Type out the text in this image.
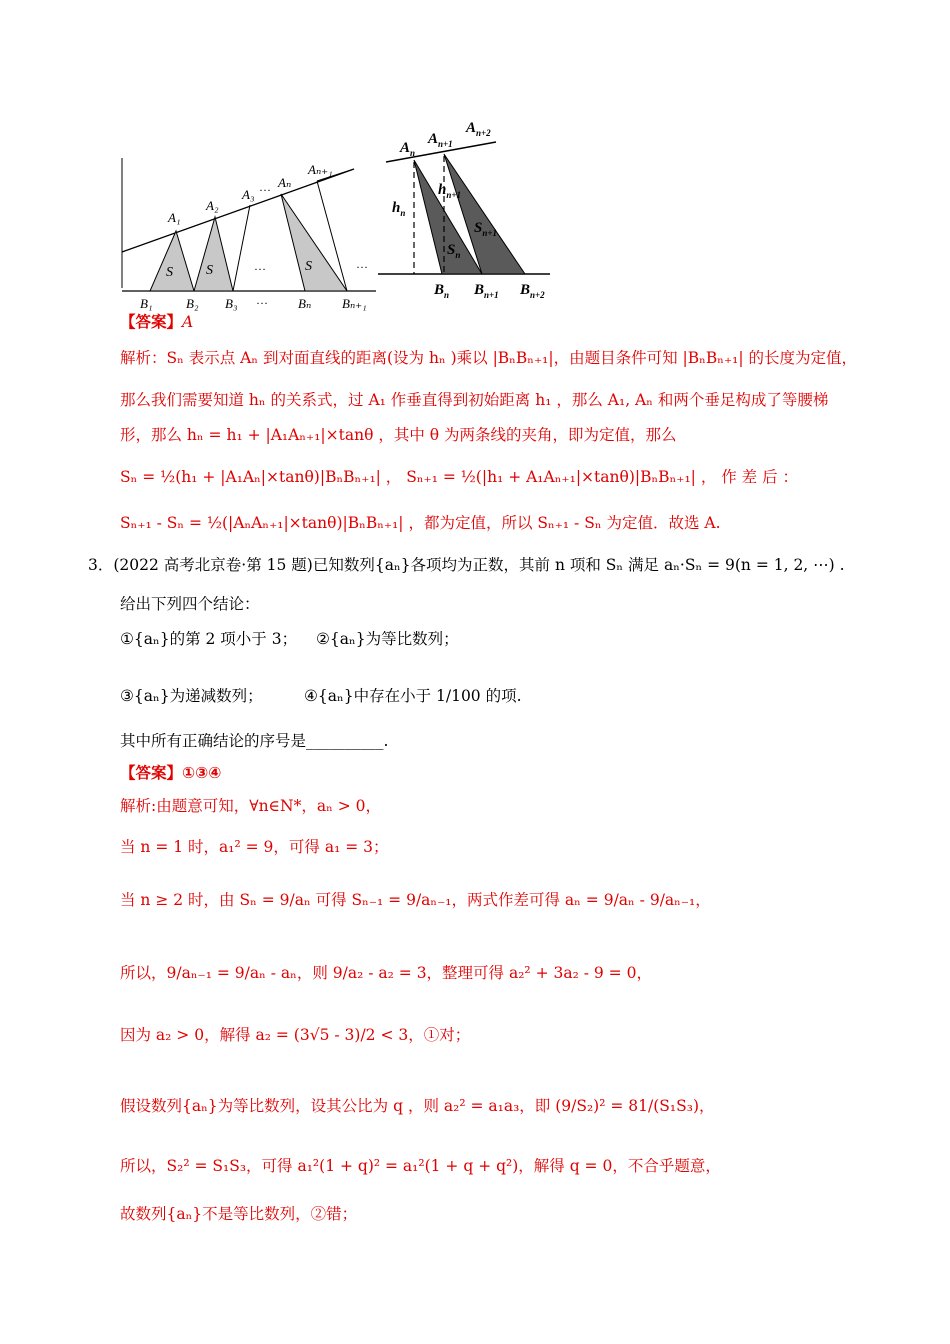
A₁
A₂
A₃ … Aₙ
Aₙ₊₁
S S	S
…	…
B₁	B₂ B₃ … Bₙ Bₙ₊₁
$A_n$
$A_{n+1}$
$A_{n+2}$
$h_n$
$h_{n+1}$
$S_n$
$S_{n+1}$
$B_n$ $B_{n+1}$ $B_{n+2}$
【答案】A
解析：Sₙ 表示点 Aₙ 到对面直线的距离(设为 hₙ )乘以 |BₙBₙ₊₁|，由题目条件可知 |BₙBₙ₊₁| 的长度为定值，
那么我们需要知道 hₙ 的关系式，过 A₁ 作垂直得到初始距离 h₁ ，那么 A₁, Aₙ 和两个垂足构成了等腰梯
形，那么 hₙ = h₁ + |A₁Aₙ₊₁|×tanθ ，其中 θ 为两条线的夹角，即为定值，那么
Sₙ = ½(h₁ + |A₁Aₙ|×tanθ)|BₙBₙ₊₁| ， Sₙ₊₁ = ½(|h₁ + A₁Aₙ₊₁|×tanθ)|BₙBₙ₊₁| ， 作 差 后 ：
Sₙ₊₁ - Sₙ = ½(|AₙAₙ₊₁|×tanθ)|BₙBₙ₊₁| ，都为定值，所以 Sₙ₊₁ - Sₙ 为定值．故选 A.
3．(2022 高考北京卷·第 15 题)已知数列{aₙ}各项均为正数，其前 n 项和 Sₙ 满足 aₙ·Sₙ = 9(n = 1, 2, ⋯) .
给出下列四个结论：
①{aₙ}的第 2 项小于 3； ②{aₙ}为等比数列；
③{aₙ}为递减数列；	④{aₙ}中存在小于 1/100 的项.
其中所有正确结论的序号是__________.
【答案】①③④
解析:由题意可知，∀n∈N*，aₙ > 0，
当 n = 1 时，a₁² = 9，可得 a₁ = 3；
当 n ≥ 2 时，由 Sₙ = 9/aₙ 可得 Sₙ₋₁ = 9/aₙ₋₁，两式作差可得 aₙ = 9/aₙ - 9/aₙ₋₁，
所以，9/aₙ₋₁ = 9/aₙ - aₙ，则 9/a₂ - a₂ = 3，整理可得 a₂² + 3a₂ - 9 = 0，
因为 a₂ > 0，解得 a₂ = (3√5 - 3)/2 < 3，①对；
假设数列{aₙ}为等比数列，设其公比为 q ，则 a₂² = a₁a₃，即 (9/S₂)² = 81/(S₁S₃)，
所以，S₂² = S₁S₃，可得 a₁²(1 + q)² = a₁²(1 + q + q²)，解得 q = 0，不合乎题意，
故数列{aₙ}不是等比数列，②错；
